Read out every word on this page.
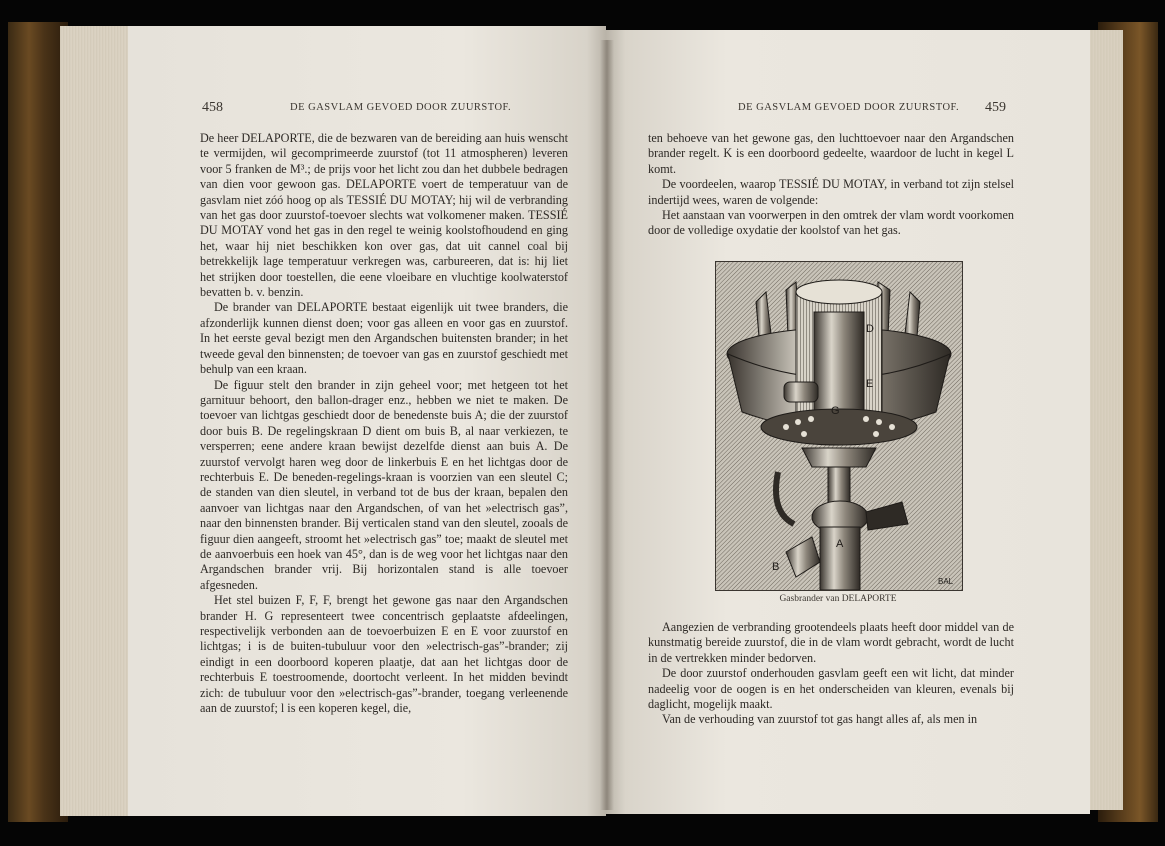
458	DE GASVLAM GEVOED DOOR ZUURSTOF.

De heer DELAPORTE, die de bezwaren van de bereiding aan huis wenscht te vermijden, wil gecomprimeerde zuurstof (tot 11 atmospheren) leveren voor 5 franken de M³.; de prijs voor het licht zou dan het dubbele bedragen van dien voor gewoon gas. DELAPORTE voert de temperatuur van de gasvlam niet zóó hoog op als TESSIÉ DU MOTAY; hij wil de verbranding van het gas door zuurstof-toevoer slechts wat volkomener maken. TESSIÉ DU MOTAY vond het gas in den regel te weinig koolstofhoudend en ging het, waar hij niet beschikken kon over gas, dat uit cannel coal bij betrekkelijk lage temperatuur verkregen was, carbureeren, dat is: hij liet het strijken door toestellen, die eene vloeibare en vluchtige koolwaterstof bevatten b. v. benzin.

De brander van DELAPORTE bestaat eigenlijk uit twee branders, die afzonderlijk kunnen dienst doen; voor gas alleen en voor gas en zuurstof. In het eerste geval bezigt men den Argandschen buitensten brander; in het tweede geval den binnensten; de toevoer van gas en zuurstof geschiedt met behulp van een kraan.

De figuur stelt den brander in zijn geheel voor; met hetgeen tot het garnituur behoort, den ballon-drager enz., hebben we niet te maken. De toevoer van lichtgas geschiedt door de benedenste buis A; die der zuurstof door buis B. De regelingskraan D dient om buis B, al naar verkiezen, te versperren; eene andere kraan bewijst dezelfde dienst aan buis A. De zuurstof vervolgt haren weg door de linkerbuis E en het lichtgas door de rechterbuis E. De beneden-regelings-kraan is voorzien van een sleutel C; de standen van dien sleutel, in verband tot de bus der kraan, bepalen den aanvoer van lichtgas naar den Argandschen, of van het »electrisch gas”, naar den binnensten brander. Bij verticalen stand van den sleutel, zooals de figuur dien aangeeft, stroomt het »electrisch gas” toe; maakt de sleutel met de aanvoerbuis een hoek van 45°, dan is de weg voor het lichtgas naar den Argandschen brander vrij. Bij horizontalen stand is alle toevoer afgesneden.

Het stel buizen F, F, F, brengt het gewone gas naar den Argandschen brander H. G representeert twee concentrisch geplaatste afdeelingen, respectivelijk verbonden aan de toevoerbuizen E en E voor zuurstof en lichtgas; i is de buiten-tubuluur voor den »electrisch-gas”-brander; zij eindigt in een doorboord koperen plaatje, dat aan het lichtgas door de rechterbuis E toestroomende, doortocht verleent. In het midden bevindt zich: de tubuluur voor den »electrisch-gas”-brander, toegang verleenende aan de zuurstof; l is een koperen kegel, die,

DE GASVLAM GEVOED DOOR ZUURSTOF. 459

ten behoeve van het gewone gas, den luchttoevoer naar den Argandschen brander regelt. K is een doorboord gedeelte, waardoor de lucht in kegel L komt.

De voordeelen, waarop TESSIÉ DU MOTAY, in verband tot zijn stelsel indertijd wees, waren de volgende:

Het aanstaan van voorwerpen in den omtrek der vlam wordt voorkomen door de volledige oxydatie der koolstof van het gas.

D
G
E
A
B
BAL
Gasbrander van DELAPORTE

Aangezien de verbranding grootendeels plaats heeft door middel van de kunstmatig bereide zuurstof, die in de vlam wordt gebracht, wordt de lucht in de vertrekken minder bedorven.

De door zuurstof onderhouden gasvlam geeft een wit licht, dat minder nadeelig voor de oogen is en het onderscheiden van kleuren, evenals bij daglicht, mogelijk maakt.

Van de verhouding van zuurstof tot gas hangt alles af, als men in
